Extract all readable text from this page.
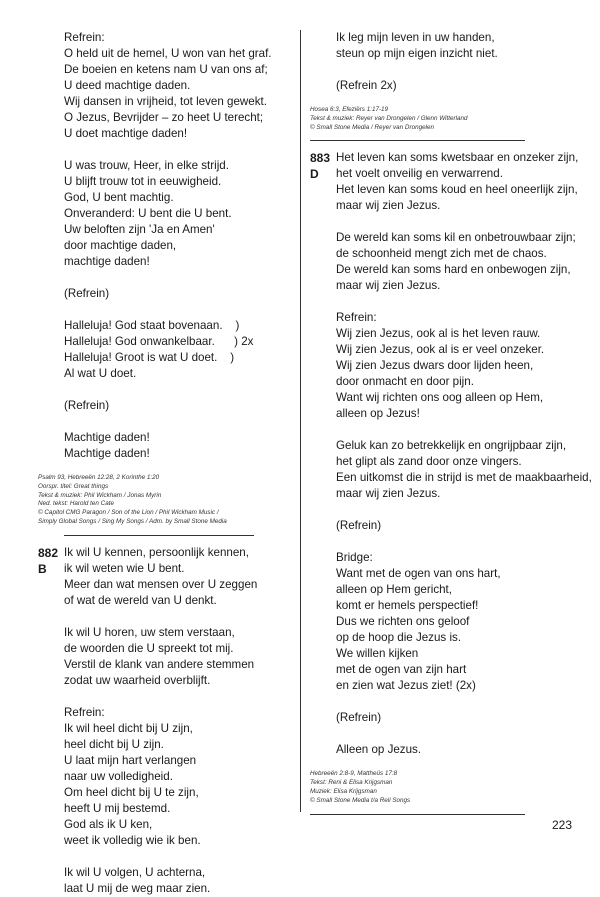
Refrein:
O held uit de hemel, U won van het graf.
De boeien en ketens nam U van ons af;
U deed machtige daden.
Wij dansen in vrijheid, tot leven gewekt.
O Jezus, Bevrijder – zo heet U terecht;
U doet machtige daden!
U was trouw, Heer, in elke strijd.
U blijft trouw tot in eeuwigheid.
God, U bent machtig.
Onveranderd: U bent die U bent.
Uw beloften zijn 'Ja en Amen'
door machtige daden,
machtige daden!
(Refrein)
Halleluja! God staat bovenaan.    )
Halleluja! God onwankelbaar.      ) 2x
Halleluja! Groot is wat U doet.    )
Al wat U doet.
(Refrein)
Machtige daden!
Machtige daden!
Psalm 93, Hebreeën 12:28, 2 Korinthe 1:20
Oorspr. titel: Great things
Tekst & muziek: Phil Wickham / Jonas Myrin
Ned. tekst: Harold ten Cate
© Capitol CMG Paragon / Son of the Lion / Phil Wickham Music /
Simply Global Songs / Sing My Songs / Adm. by Small Stone Media
882
B
Ik wil U kennen, persoonlijk kennen,
ik wil weten wie U bent.
Meer dan wat mensen over U zeggen
of wat de wereld van U denkt.
Ik wil U horen, uw stem verstaan,
de woorden die U spreekt tot mij.
Verstil de klank van andere stemmen
zodat uw waarheid overblijft.
Refrein:
Ik wil heel dicht bij U zijn,
heel dicht bij U zijn.
U laat mijn hart verlangen
naar uw volledigheid.
Om heel dicht bij U te zijn,
heeft U mij bestemd.
God als ik U ken,
weet ik volledig wie ik ben.
Ik wil U volgen, U achterna,
laat U mij de weg maar zien.
Ik leg mijn leven in uw handen,
steun op mijn eigen inzicht niet.
(Refrein 2x)
Hosea 6:3, Efeziërs 1:17-19
Tekst & muziek: Reyer van Drongelen / Glenn Witterland
© Small Stone Media / Reyer van Drongelen
883
D
Het leven kan soms kwetsbaar en onzeker zijn,
het voelt onveilig en verwarrend.
Het leven kan soms koud en heel oneerlijk zijn,
maar wij zien Jezus.
De wereld kan soms kil en onbetrouwbaar zijn;
de schoonheid mengt zich met de chaos.
De wereld kan soms hard en onbewogen zijn,
maar wij zien Jezus.
Refrein:
Wij zien Jezus, ook al is het leven rauw.
Wij zien Jezus, ook al is er veel onzeker.
Wij zien Jezus dwars door lijden heen,
door onmacht en door pijn.
Want wij richten ons oog alleen op Hem,
alleen op Jezus!
Geluk kan zo betrekkelijk en ongrijpbaar zijn,
het glipt als zand door onze vingers.
Een uitkomst die in strijd is met de maakbaarheid,
maar wij zien Jezus.
(Refrein)
Bridge:
Want met de ogen van ons hart,
alleen op Hem gericht,
komt er hemels perspectief!
Dus we richten ons geloof
op de hoop die Jezus is.
We willen kijken
met de ogen van zijn hart
en zien wat Jezus ziet! (2x)
(Refrein)
Alleen op Jezus.
Hebreeën 2:8-9, Mattheüs 17:8
Tekst: Reni & Elisa Krijgsman
Muziek: Elisa Krijgsman
© Small Stone Media t/a Reli Songs
223
